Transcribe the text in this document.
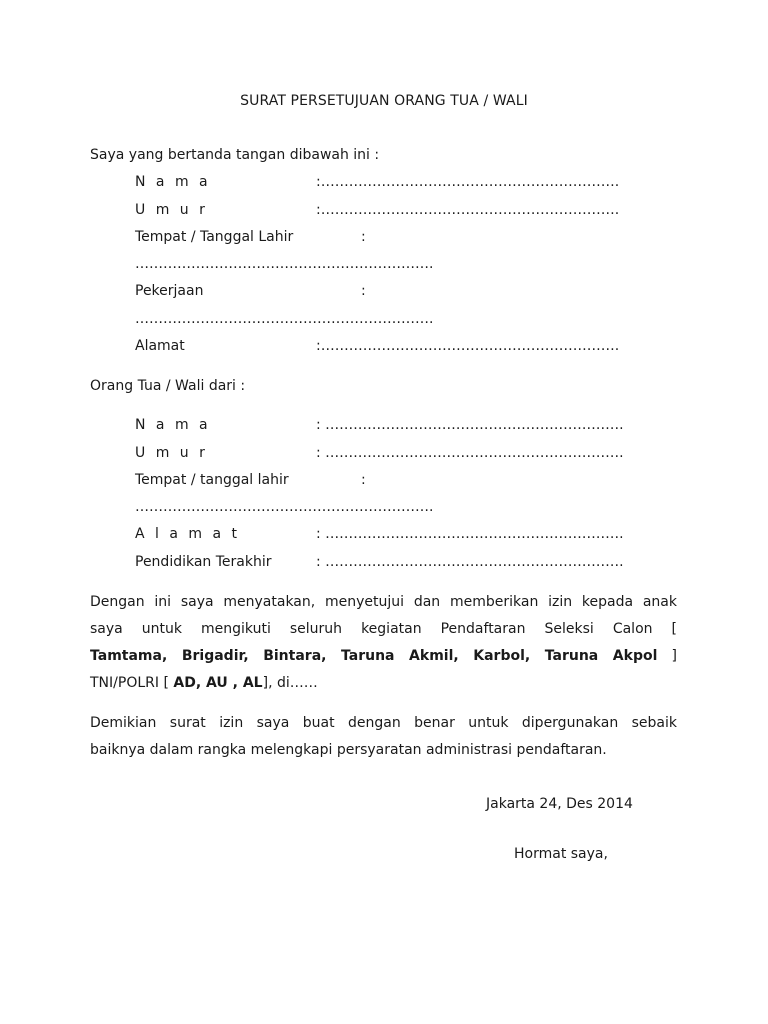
SURAT PERSETUJUAN ORANG TUA / WALI
Saya yang bertanda tangan dibawah ini :
N a m a	:……………………………………………………….
U m u r	:……………………………………………………….
Tempat / Tanggal Lahir	:
……………………………………………………….
Pekerjaan	:
……………………………………………………….
Alamat	:……………………………………………………….
Orang Tua / Wali dari :
N a m a	: ……………………………………………………….
U m u r	: ……………………………………………………….
Tempat / tanggal lahir	:
……………………………………………………….
A l a m a t	: ……………………………………………………….
Pendidikan Terakhir	: ……………………………………………………….
Dengan ini saya menyatakan, menyetujui dan memberikan izin kepada anak
saya untuk mengikuti seluruh kegiatan Pendaftaran Seleksi Calon [
Tamtama, Brigadir, Bintara, Taruna Akmil, Karbol, Taruna Akpol ]
TNI/POLRI [ AD, AU , AL], di……
Demikian surat izin saya buat dengan benar untuk dipergunakan sebaik
baiknya dalam rangka melengkapi persyaratan administrasi pendaftaran.
Jakarta 24, Des 2014
Hormat saya,
